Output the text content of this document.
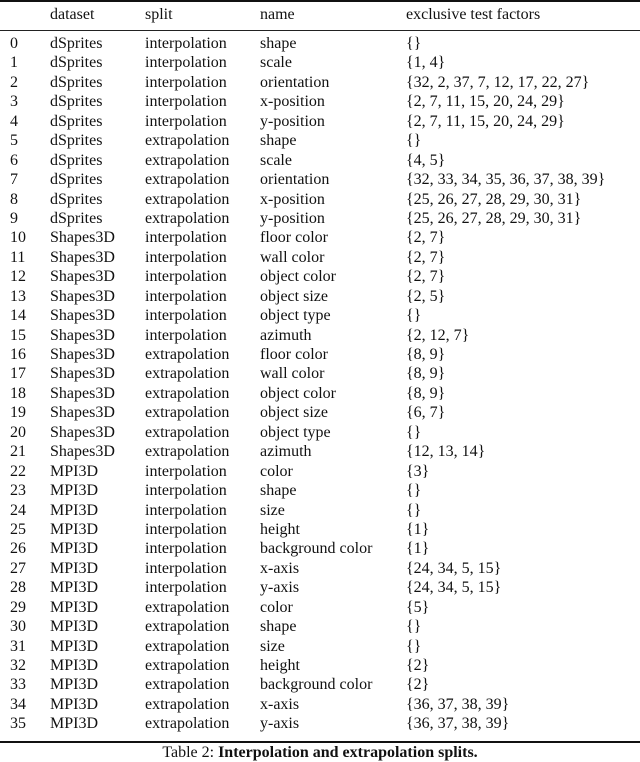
dataset	split	name	exclusive test factors
0 dSprites	interpolation shape	{}
1 dSprites	interpolation scale	{1, 4}
2 dSprites	interpolation orientation	{32, 2, 37, 7, 12, 17, 22, 27}
3 dSprites	interpolation x-position	{2, 7, 11, 15, 20, 24, 29}
4 dSprites	interpolation y-position	{2, 7, 11, 15, 20, 24, 29}
5 dSprites	extrapolation shape	{}
6 dSprites	extrapolation scale	{4, 5}
7 dSprites	extrapolation orientation	{32, 33, 34, 35, 36, 37, 38, 39}
8 dSprites	extrapolation x-position	{25, 26, 27, 28, 29, 30, 31}
9 dSprites	extrapolation y-position	{25, 26, 27, 28, 29, 30, 31}
10 Shapes3D interpolation floor color	{2, 7}
11 Shapes3D interpolation wall color	{2, 7}
12 Shapes3D interpolation object color	{2, 7}
13 Shapes3D interpolation object size	{2, 5}
14 Shapes3D interpolation object type	{}
15 Shapes3D interpolation azimuth	{2, 12, 7}
16 Shapes3D extrapolation floor color	{8, 9}
17 Shapes3D extrapolation wall color	{8, 9}
18 Shapes3D extrapolation object color	{8, 9}
19 Shapes3D extrapolation object size	{6, 7}
20 Shapes3D extrapolation object type	{}
21 Shapes3D extrapolation azimuth	{12, 13, 14}
22 MPI3D	interpolation color	{3}
23 MPI3D	interpolation shape	{}
24 MPI3D	interpolation size	{}
25 MPI3D	interpolation height	{1}
26 MPI3D	interpolation background color {1}
27 MPI3D	interpolation x-axis	{24, 34, 5, 15}
28 MPI3D	interpolation y-axis	{24, 34, 5, 15}
29 MPI3D	extrapolation color	{5}
30 MPI3D	extrapolation shape	{}
31 MPI3D	extrapolation size	{}
32 MPI3D	extrapolation height	{2}
33 MPI3D	extrapolation background color {2}
34 MPI3D	extrapolation x-axis	{36, 37, 38, 39}
35 MPI3D	extrapolation y-axis	{36, 37, 38, 39}
Table 2: Interpolation and extrapolation splits.
